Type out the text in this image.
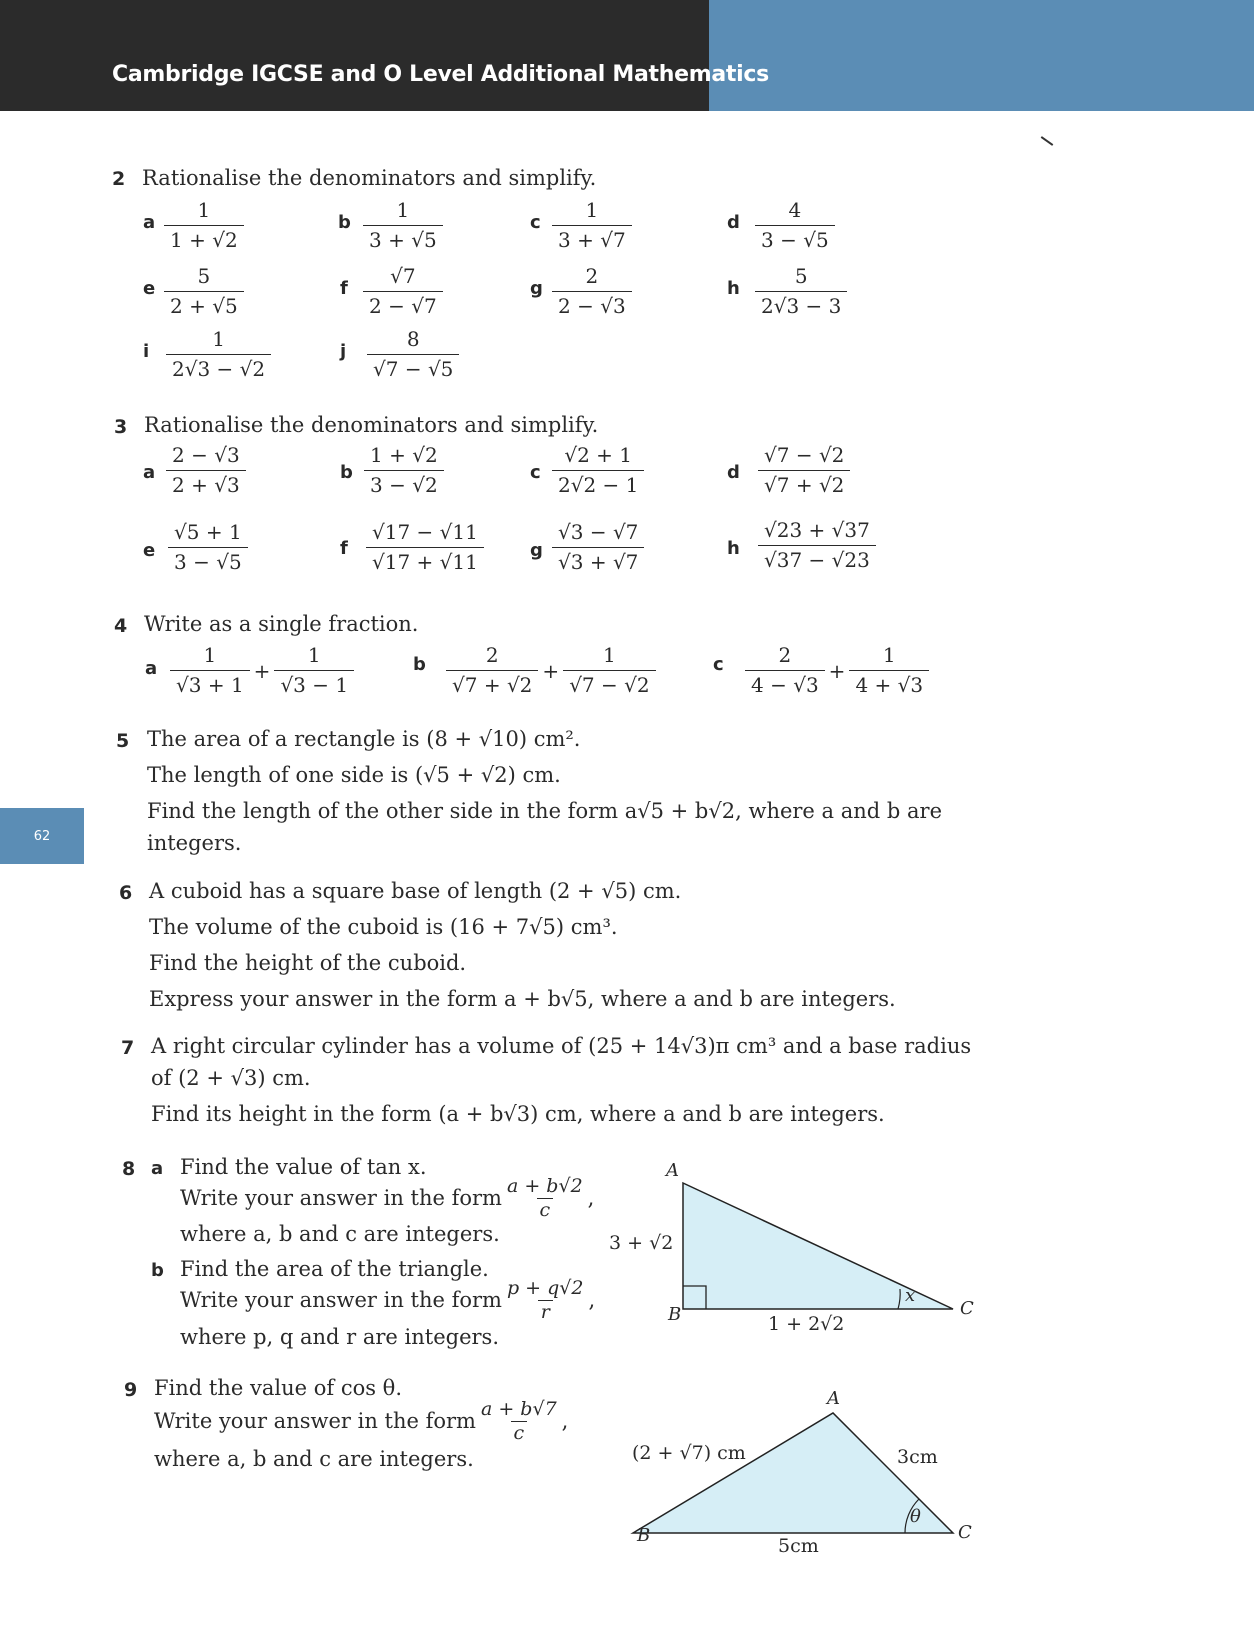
Cambridge IGCSE and O Level Additional Mathematics
62
2 Rationalise the denominators and simplify.
a $\frac{1}{1 + √2}$	b $\frac{1}{3 + √5}$	c $\frac{1}{3 + √7}$	d $\frac{4}{3 - √5}$
e $\frac{5}{2 + √5}$	f $\frac{√7}{2 - √7}$	g $\frac{2}{2 - √3}$	h $\frac{5}{2√3 - 3}$
i $\frac{1}{2√3 - √2}$	j $\frac{8}{√7 - √5}$
3 Rationalise the denominators and simplify.
a $\frac{2 - √3}{2 + √3}$	b $\frac{1 + √2}{3 - √2}$	c $\frac{√2 + 1}{2√2 - 1}$	d $\frac{√7 - √2}{√7 + √2}$
e $\frac{√5 + 1}{3 - √5}$	f $\frac{√17 - √11}{√17 + √11}$	g $\frac{√3 - √7}{√3 + √7}$	h $\frac{√23 + √37}{√37 - √23}$
4 Write as a single fraction.
a $\frac{1}{√3 + 1} + \frac{1}{√3 - 1}$	b $\frac{2}{√7 + √2} + \frac{1}{√7 - √2}$	c $\frac{2}{4 - √3} + \frac{1}{4 + √3}$
5 The area of a rectangle is (8 + √10) cm².
The length of one side is (√5 + √2) cm.
Find the length of the other side in the form a√5 + b√2, where a and b are
integers.
6 A cuboid has a square base of length (2 + √5) cm.
The volume of the cuboid is (16 + 7√5) cm³.
Find the height of the cuboid.
Express your answer in the form a + b√5, where a and b are integers.
7 A right circular cylinder has a volume of (25 + 14√3)π cm³ and a base radius
of (2 + √3) cm.
Find its height in the form (a + b√3) cm, where a and b are integers.
8 a Find the value of tan x.
Write your answer in the form $\frac{a + b√2}{c}$ ,
where a, b and c are integers.
b Find the area of the triangle.
Write your answer in the form $\frac{p + q√2}{r}$ ,
where p, q and r are integers.
A
B	C
3 + √2
1 + 2√2
x
9 Find the value of cos θ.
Write your answer in the form $\frac{a + b√7}{c}$ ,
where a, b and c are integers.
A
B	C
(2 + √7) cm	3cm
5cm
θ
